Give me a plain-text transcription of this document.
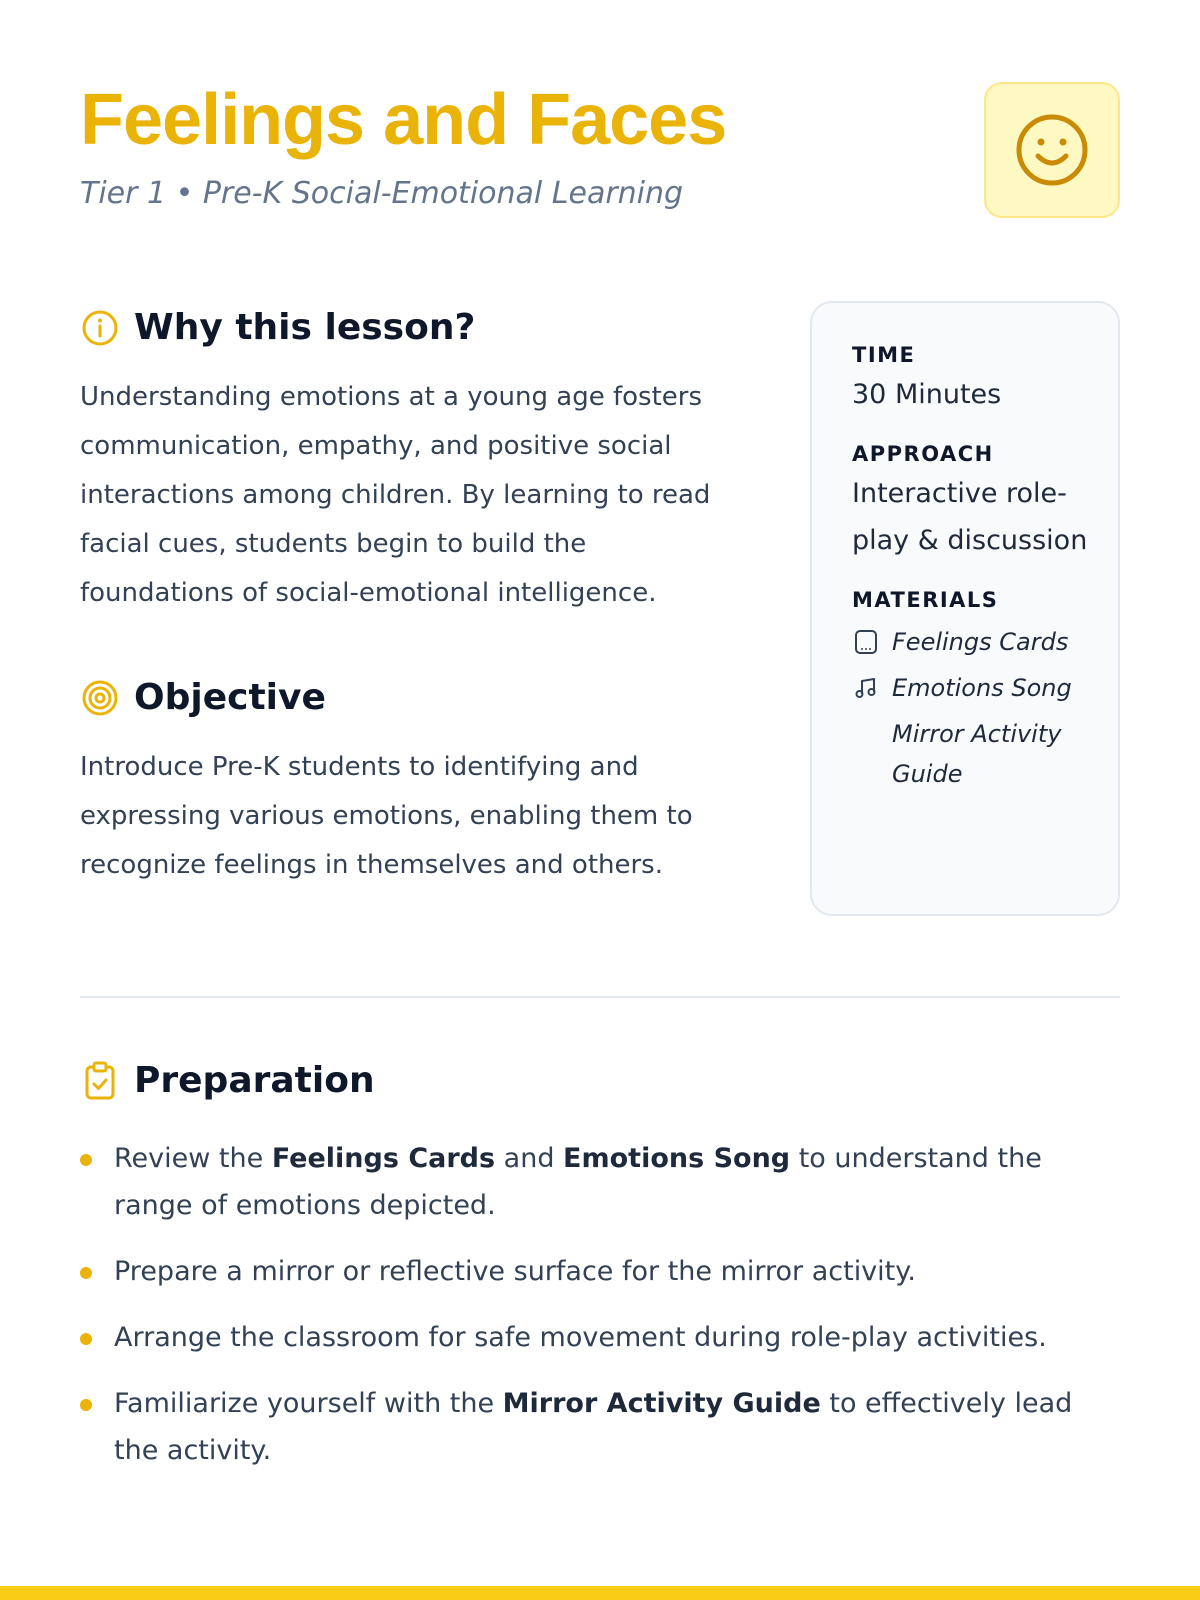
Feelings and Faces
Tier 1 • Pre-K Social-Emotional Learning
Why this lesson?

Understanding emotions at a young age fosters communication, empathy, and positive social interactions among children. By learning to read facial cues, students begin to build the foundations of social-emotional intelligence.

Objective

Introduce Pre-K students to identifying and expressing various emotions, enabling them to recognize feelings in themselves and others.

TIME

30 Minutes

APPROACH

Interactive role-play & discussion

MATERIALS

Feelings Cards
Emotions Song
Mirror Activity Guide
Preparation
Review the Feelings Cards and Emotions Song to understand the range of emotions depicted.
Prepare a mirror or reflective surface for the mirror activity.
Arrange the classroom for safe movement during role-play activities.
Familiarize yourself with the Mirror Activity Guide to effectively lead the activity.
